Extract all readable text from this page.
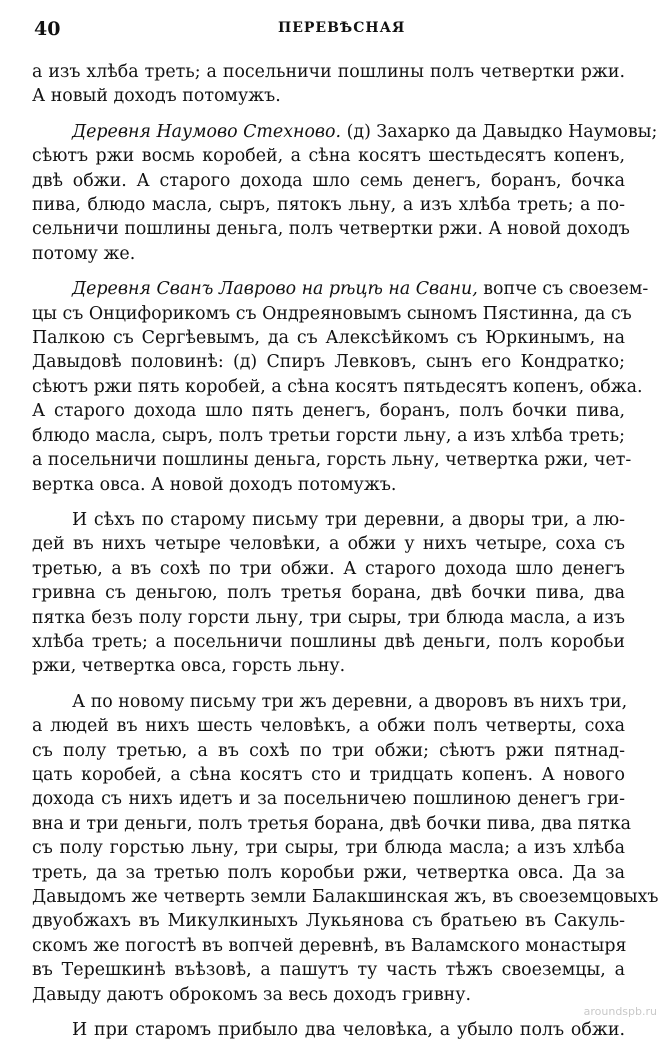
40	ПЕРЕВѢСНАЯ

а изъ хлѣба треть; а посельничи пошлины полъ четвертки ржи.
А новый доходъ потомужъ.

Деревня Наумово Стехново. (д) Захарко да Давыдко Наумовы;
сѣютъ ржи восмь коробей, а сѣна косятъ шестьдесятъ копенъ,
двѣ обжи. А старого дохода шло семь денегъ, боранъ, бочка
пива, блюдо масла, сыръ, пятокъ льну, а изъ хлѣба треть; а по-
сельничи пошлины деньга, полъ четвертки ржи. А новой доходъ
потому же.

Деревня Сванъ Лаврово на рѣцѣ на Свани, вопче съ своезем-
цы съ Онцифорикомъ съ Ондреяновымъ сыномъ Пястинна, да съ
Палкою съ Сергѣевымъ, да съ Алексѣйкомъ съ Юркинымъ, на
Давыдовѣ половинѣ: (д) Спиръ Левковъ, сынъ его Кондратко;
сѣютъ ржи пять коробей, а сѣна косятъ пятьдесятъ копенъ, обжа.
А старого дохода шло пять денегъ, боранъ, полъ бочки пива,
блюдо масла, сыръ, полъ третьи горсти льну, а изъ хлѣба треть;
а посельничи пошлины деньга, горсть льну, четвертка ржи, чет-
вертка овса. А новой доходъ потомужъ.

И сѣхъ по старому письму три деревни, а дворы три, а лю-
дей въ нихъ четыре человѣки, а обжи у нихъ четыре, соха съ
третью, а въ сохѣ по три обжи. А старого дохода шло денегъ
гривна съ деньгою, полъ третья борана, двѣ бочки пива, два
пятка безъ полу горсти льну, три сыры, три блюда масла, а изъ
хлѣба треть; а посельничи пошлины двѣ деньги, полъ коробьи
ржи, четвертка овса, горсть льну.

А по новому письму три жъ деревни, а дворовъ въ нихъ три,
а людей въ нихъ шесть человѣкъ, а обжи полъ четверты, соха
съ полу третью, а въ сохѣ по три обжи; сѣютъ ржи пятнад-
цать коробей, а сѣна косятъ сто и тридцать копенъ. А нового
дохода съ нихъ идетъ и за посельничею пошлиною денегъ гри-
вна и три деньги, полъ третья борана, двѣ бочки пива, два пятка
съ полу горстью льну, три сыры, три блюда масла; а изъ хлѣба
треть, да за третью полъ коробьи ржи, четвертка овса. Да за
Давыдомъ же четверть земли Балакшинская жъ, въ своеземцовыхъ
двуобжахъ въ Микулкиныхъ Лукьянова съ братьею въ Сакуль-
скомъ же погостѣ въ вопчей деревнѣ, въ Валамского монастыря
въ Терешкинѣ въѣзовѣ, а пашутъ ту часть тѣжъ своеземцы, а
Давыду даютъ оброкомъ за весь доходъ гривну.

И при старомъ прибыло два человѣка, а убыло полъ обжи.

aroundspb.ru
